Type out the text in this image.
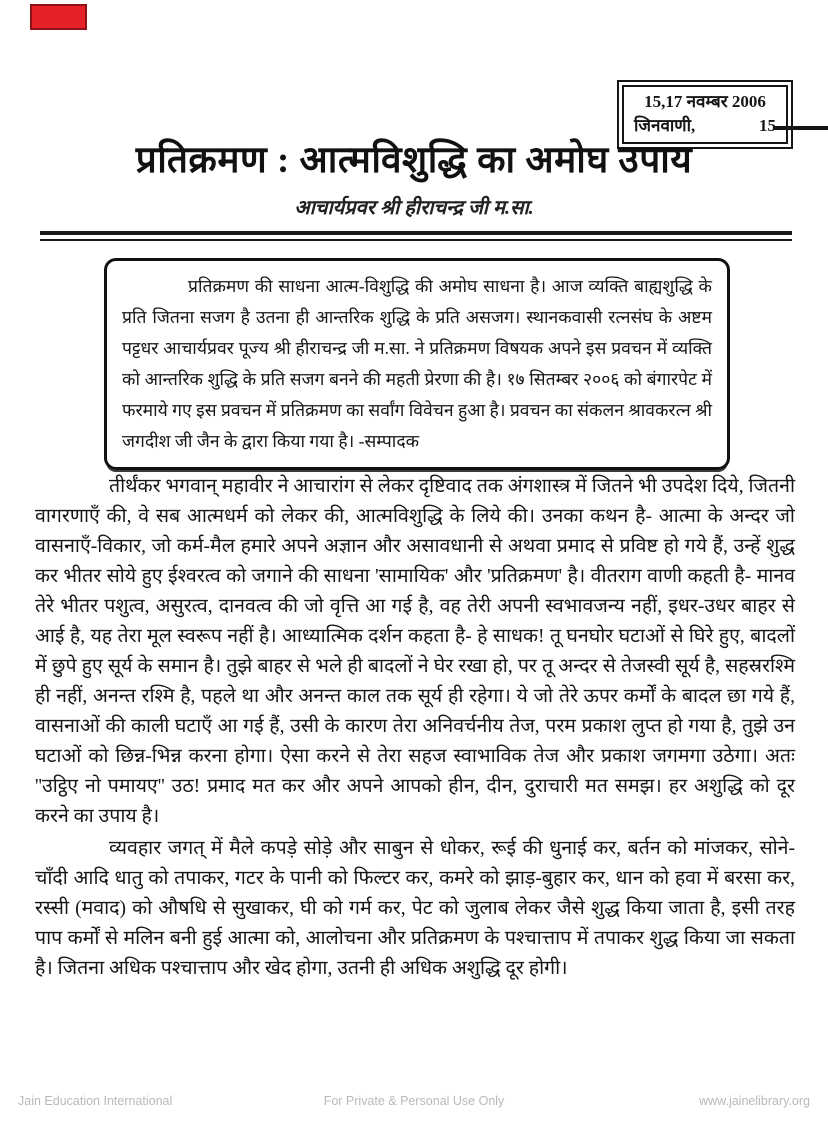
15,17 नवम्बर 2006
जिनवाणी,	15
प्रतिक्रमण : आत्मविशुद्धि का अमोघ उपाय
आचार्यप्रवर श्री हीराचन्द्र जी म.सा.

प्रतिक्रमण की साधना आत्म-विशुद्धि की अमोघ साधना है। आज व्यक्ति बाह्यशुद्धि के प्रति जितना सजग है उतना ही आन्तरिक शुद्धि के प्रति असजग। स्थानकवासी रत्नसंघ के अष्टम पट्टधर आचार्यप्रवर पूज्य श्री हीराचन्द्र जी म.सा. ने प्रतिक्रमण विषयक अपने इस प्रवचन में व्यक्ति को आन्तरिक शुद्धि के प्रति सजग बनने की महती प्रेरणा की है। १७ सितम्बर २००६ को बंगारपेट में फरमाये गए इस प्रवचन में प्रतिक्रमण का सर्वांग विवेचन हुआ है। प्रवचन का संकलन श्रावकरत्न श्री जगदीश जी जैन के द्वारा किया गया है। -सम्पादक

तीर्थंकर भगवान् महावीर ने आचारांग से लेकर दृष्टिवाद तक अंगशास्त्र में जितने भी उपदेश दिये, जितनी वागरणाएँ की, वे सब आत्मधर्म को लेकर की, आत्मविशुद्धि के लिये की। उनका कथन है- आत्मा के अन्दर जो वासनाएँ-विकार, जो कर्म-मैल हमारे अपने अज्ञान और असावधानी से अथवा प्रमाद से प्रविष्ट हो गये हैं, उन्हें शुद्ध कर भीतर सोये हुए ईश्वरत्व को जगाने की साधना 'सामायिक' और 'प्रतिक्रमण' है। वीतराग वाणी कहती है- मानव तेरे भीतर पशुत्व, असुरत्व, दानवत्व की जो वृत्ति आ गई है, वह तेरी अपनी स्वभावजन्य नहीं, इधर-उधर बाहर से आई है, यह तेरा मूल स्वरूप नहीं है। आध्यात्मिक दर्शन कहता है- हे साधक! तू घनघोर घटाओं से घिरे हुए, बादलों में छुपे हुए सूर्य के समान है। तुझे बाहर से भले ही बादलों ने घेर रखा हो, पर तू अन्दर से तेजस्वी सूर्य है, सहस्ररश्मि ही नहीं, अनन्त रश्मि है, पहले था और अनन्त काल तक सूर्य ही रहेगा। ये जो तेरे ऊपर कर्मों के बादल छा गये हैं, वासनाओं की काली घटाएँ आ गई हैं, उसी के कारण तेरा अनिवर्चनीय तेज, परम प्रकाश लुप्त हो गया है, तुझे उन घटाओं को छिन्न-भिन्न करना होगा। ऐसा करने से तेरा सहज स्वाभाविक तेज और प्रकाश जगमगा उठेगा। अतः ''उट्ठिए नो पमायए'' उठ! प्रमाद मत कर और अपने आपको हीन, दीन, दुराचारी मत समझ। हर अशुद्धि को दूर करने का उपाय है।

व्यवहार जगत् में मैले कपड़े सोड़े और साबुन से धोकर, रूई की धुनाई कर, बर्तन को मांजकर, सोने-चाँदी आदि धातु को तपाकर, गटर के पानी को फिल्टर कर, कमरे को झाड़-बुहार कर, धान को हवा में बरसा कर, रस्सी (मवाद) को औषधि से सुखाकर, घी को गर्म कर, पेट को जुलाब लेकर जैसे शुद्ध किया जाता है, इसी तरह पाप कर्मों से मलिन बनी हुई आत्मा को, आलोचना और प्रतिक्रमण के पश्चात्ताप में तपाकर शुद्ध किया जा सकता है। जितना अधिक पश्चात्ताप और खेद होगा, उतनी ही अधिक अशुद्धि दूर होगी।

Jain Education International	For Private & Personal Use Only	www.jainelibrary.org
